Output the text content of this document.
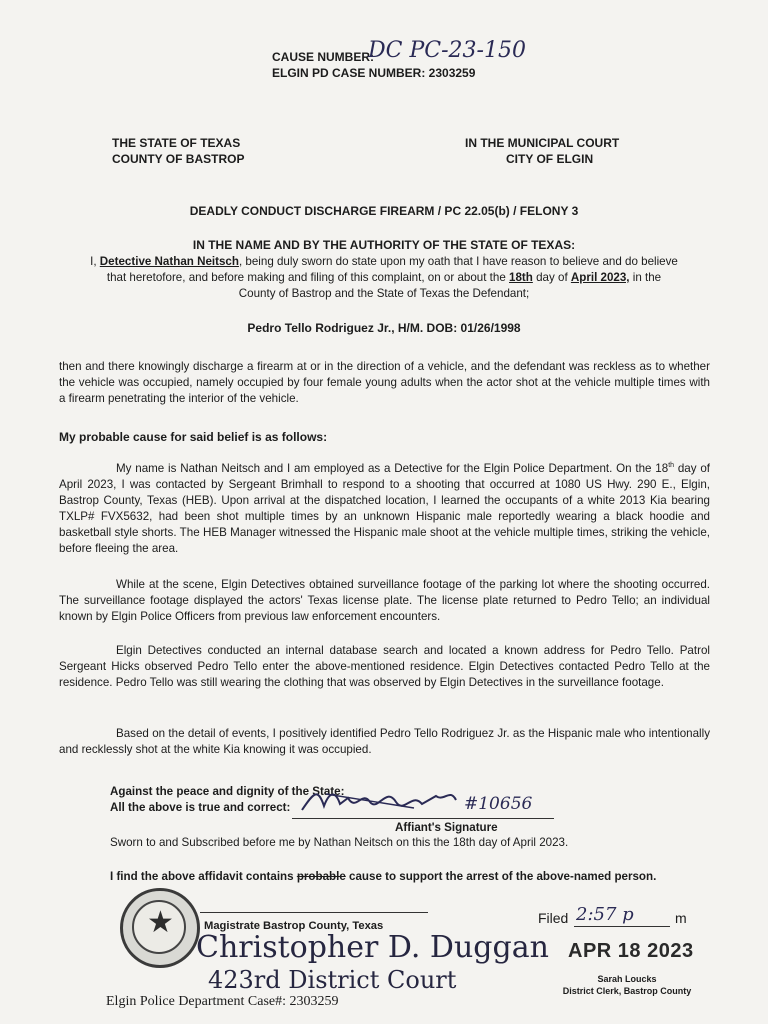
CAUSE NUMBER:
DC PC-23-150
ELGIN PD CASE NUMBER: 2303259
THE STATE OF TEXAS
COUNTY OF BASTROP
IN THE MUNICIPAL COURT
CITY OF ELGIN
DEADLY CONDUCT DISCHARGE FIREARM / PC 22.05(b) / FELONY 3
IN THE NAME AND BY THE AUTHORITY OF THE STATE OF TEXAS:
I, Detective Nathan Neitsch, being duly sworn do state upon my oath that I have reason to believe and do believe
that heretofore, and before making and filing of this complaint, on or about the 18th day of April 2023, in the
County of Bastrop and the State of Texas the Defendant;
Pedro Tello Rodriguez Jr., H/M. DOB: 01/26/1998

then and there knowingly discharge a firearm at or in the direction of a vehicle, and the defendant was reckless as to whether the vehicle was occupied, namely occupied by four female young adults when the actor shot at the vehicle multiple times with a firearm penetrating the interior of the vehicle.

My probable cause for said belief is as follows:

My name is Nathan Neitsch and I am employed as a Detective for the Elgin Police Department. On the 18th day of April 2023, I was contacted by Sergeant Brimhall to respond to a shooting that occurred at 1080 US Hwy. 290 E., Elgin, Bastrop County, Texas (HEB). Upon arrival at the dispatched location, I learned the occupants of a white 2013 Kia bearing TXLP# FVX5632, had been shot multiple times by an unknown Hispanic male reportedly wearing a black hoodie and basketball style shorts. The HEB Manager witnessed the Hispanic male shoot at the vehicle multiple times, striking the vehicle, before fleeing the area.

While at the scene, Elgin Detectives obtained surveillance footage of the parking lot where the shooting occurred. The surveillance footage displayed the actors' Texas license plate. The license plate returned to Pedro Tello; an individual known by Elgin Police Officers from previous law enforcement encounters.

Elgin Detectives conducted an internal database search and located a known address for Pedro Tello. Patrol Sergeant Hicks observed Pedro Tello enter the above-mentioned residence. Elgin Detectives contacted Pedro Tello at the residence. Pedro Tello was still wearing the clothing that was observed by Elgin Detectives in the surveillance footage.

Based on the detail of events, I positively identified Pedro Tello Rodriguez Jr. as the Hispanic male who intentionally and recklessly shot at the white Kia knowing it was occupied.

Against the peace and dignity of the State:
All the above is true and correct:	#10656
Affiant's Signature
Sworn to and Subscribed before me by Nathan Neitsch on this the 18th day of April 2023.
I find the above affidavit contains probable cause to support the arrest of the above-named person.
★	Magistrate Bastrop County, Texas
Christopher D. Duggan
423rd District Court
Filed 2:57 p	m
APR 18 2023
Sarah Loucks
District Clerk, Bastrop County
Elgin Police Department Case#: 2303259
